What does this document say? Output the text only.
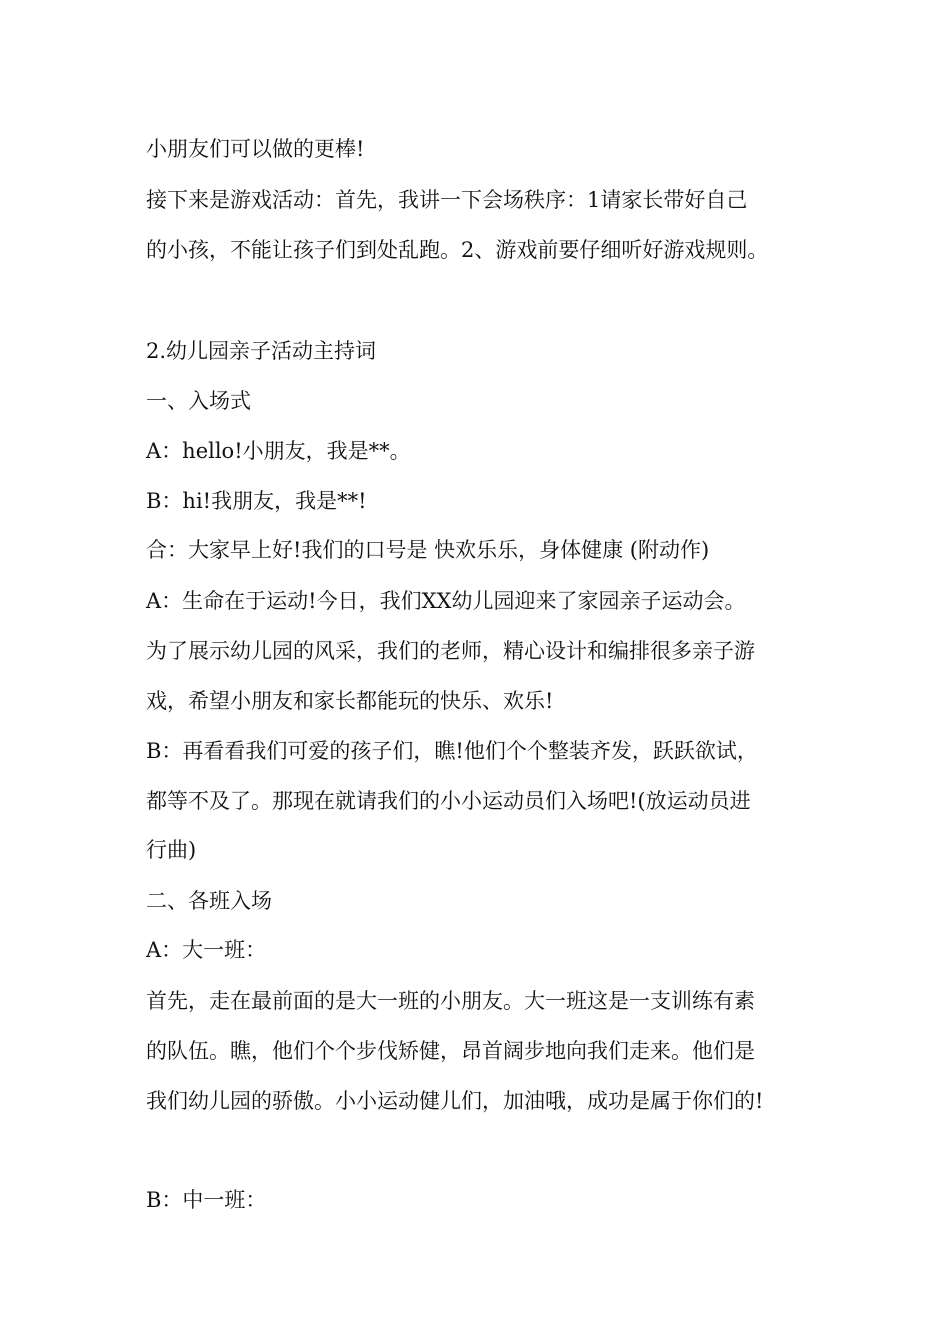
小朋友们可以做的更棒!
接下来是游戏活动：首先，我讲一下会场秩序：1请家长带好自己
的小孩，不能让孩子们到处乱跑。2、游戏前要仔细听好游戏规则。
2.幼儿园亲子活动主持词
一、入场式
A：hello!小朋友，我是**。
B：hi!我朋友，我是**!
合：大家早上好!我们的口号是 快欢乐乐，身体健康 (附动作)
A：生命在于运动!今日，我们XX幼儿园迎来了家园亲子运动会。
为了展示幼儿园的风采，我们的老师，精心设计和编排很多亲子游
戏，希望小朋友和家长都能玩的快乐、欢乐!
B：再看看我们可爱的孩子们，瞧!他们个个整装齐发，跃跃欲试，
都等不及了。那现在就请我们的小小运动员们入场吧!(放运动员进
行曲)
二、各班入场
A：大一班：
首先，走在最前面的是大一班的小朋友。大一班这是一支训练有素
的队伍。瞧，他们个个步伐矫健，昂首阔步地向我们走来。他们是
我们幼儿园的骄傲。小小运动健儿们，加油哦，成功是属于你们的!
B：中一班：
